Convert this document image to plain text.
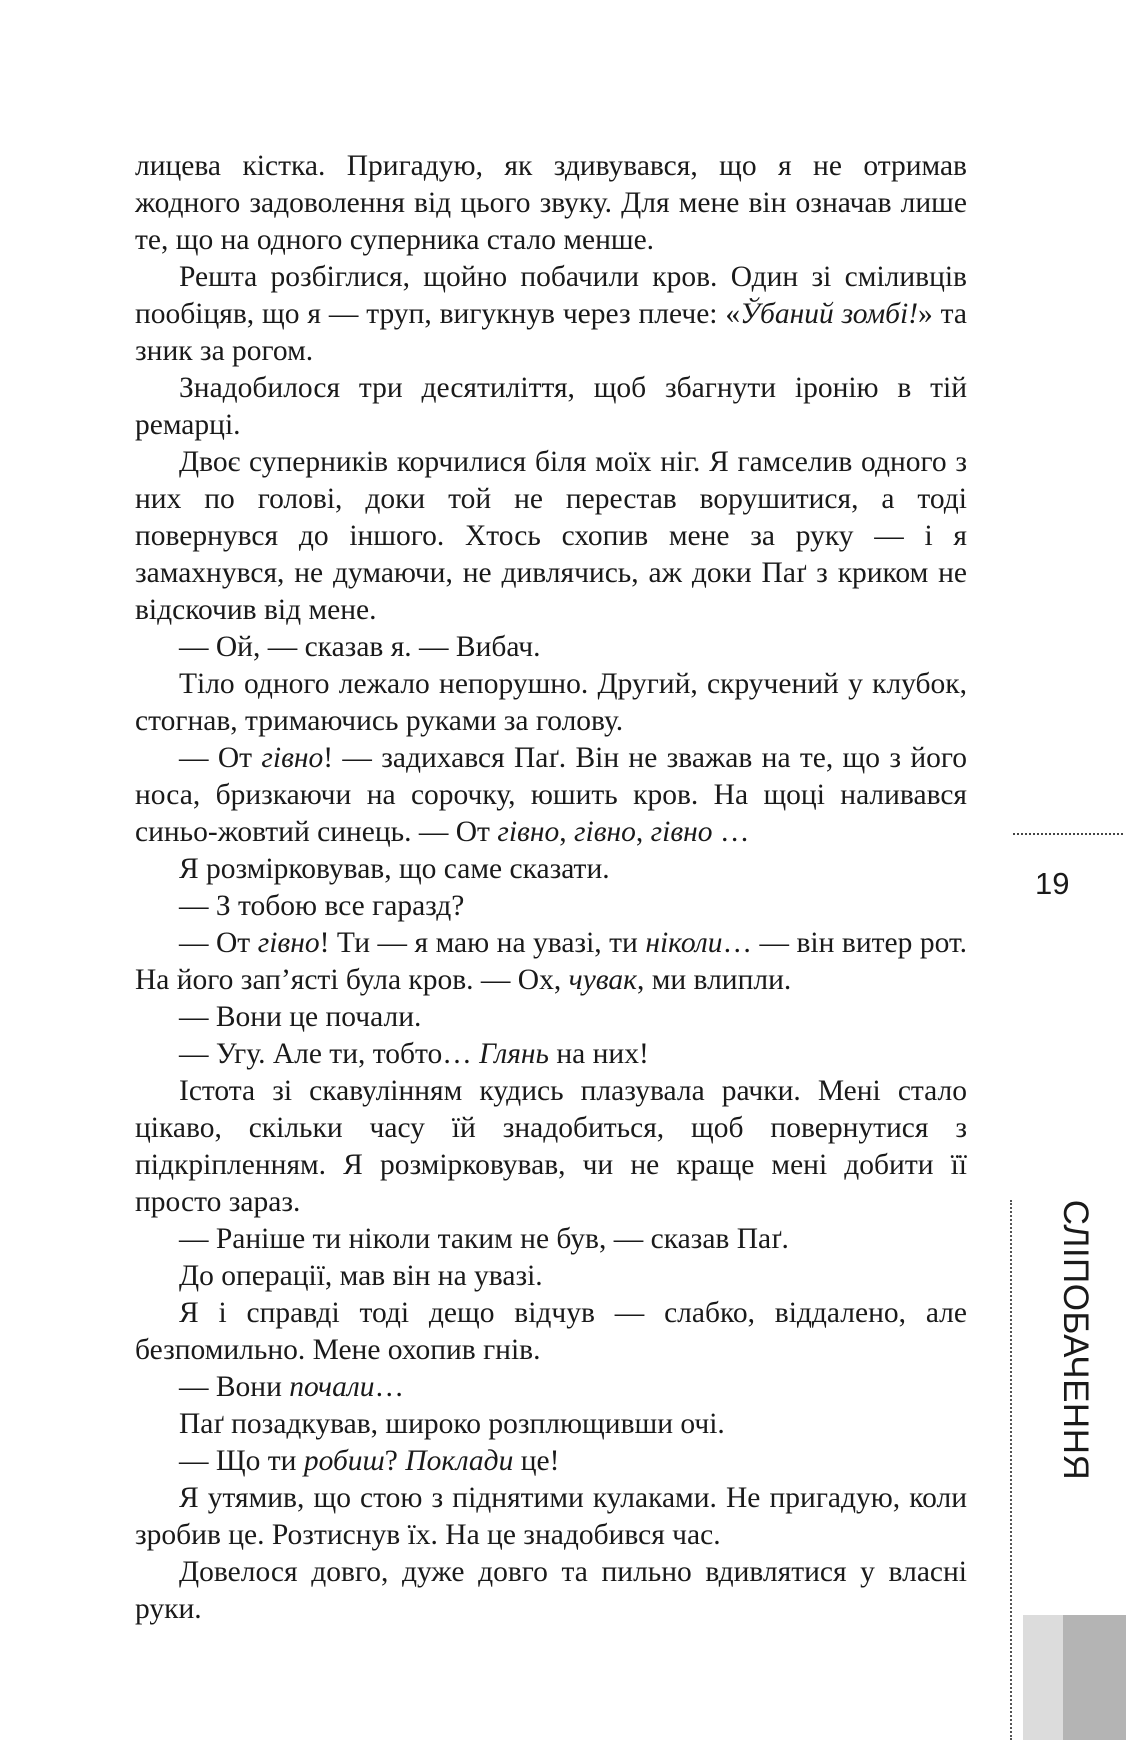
лицева кістка. Пригадую, як здивувався, що я не отримав жодного задоволення від цього звуку. Для мене він означав лише те, що на одного суперника стало менше.

Решта розбіглися, щойно побачили кров. Один зі сміливців пообіцяв, що я — труп, вигукнув через плече: «Ўбаний зомбі!» та зник за рогом.

Знадобилося три десятиліття, щоб збагнути іронію в тій ремарці.

Двоє суперників корчилися біля моїх ніг. Я гамселив одного з них по голові, доки той не перестав ворушитися, а тоді повернувся до іншого. Хтось схопив мене за руку — і я замахнувся, не думаючи, не дивлячись, аж доки Паґ з криком не відскочив від мене.

— Ой, — сказав я. — Вибач.

Тіло одного лежало непорушно. Другий, скручений у клубок, стогнав, тримаючись руками за голову.

— От гівно! — задихався Паґ. Він не зважав на те, що з його носа, бризкаючи на сорочку, юшить кров. На щоці наливався синьо-жовтий синець. — От гівно, гівно, гівно …

Я розмірковував, що саме сказати.

— З тобою все гаразд?

— От гівно! Ти — я маю на увазі, ти ніколи… — він витер рот. На його зап’ясті була кров. — Ох, чувак, ми влипли.

— Вони це почали.

— Угу. Але ти, тобто… Глянь на них!

Істота зі скавулінням кудись плазувала рачки. Мені стало цікаво, скільки часу їй знадобиться, щоб повернутися з підкріпленням. Я розмірковував, чи не краще мені добити її просто зараз.

— Раніше ти ніколи таким не був, — сказав Паґ.

До операції, мав він на увазі.

Я і справді тоді дещо відчув — слабко, віддалено, але безпомильно. Мене охопив гнів.

— Вони почали…

Паґ позадкував, широко розплющивши очі.

— Що ти робиш? Поклади це!

Я утямив, що стою з піднятими кулаками. Не пригадую, коли зробив це. Розтиснув їх. На це знадобився час.

Довелося довго, дуже довго та пильно вдивлятися у власні руки.

19
СЛІПОБАЧЕННЯ
